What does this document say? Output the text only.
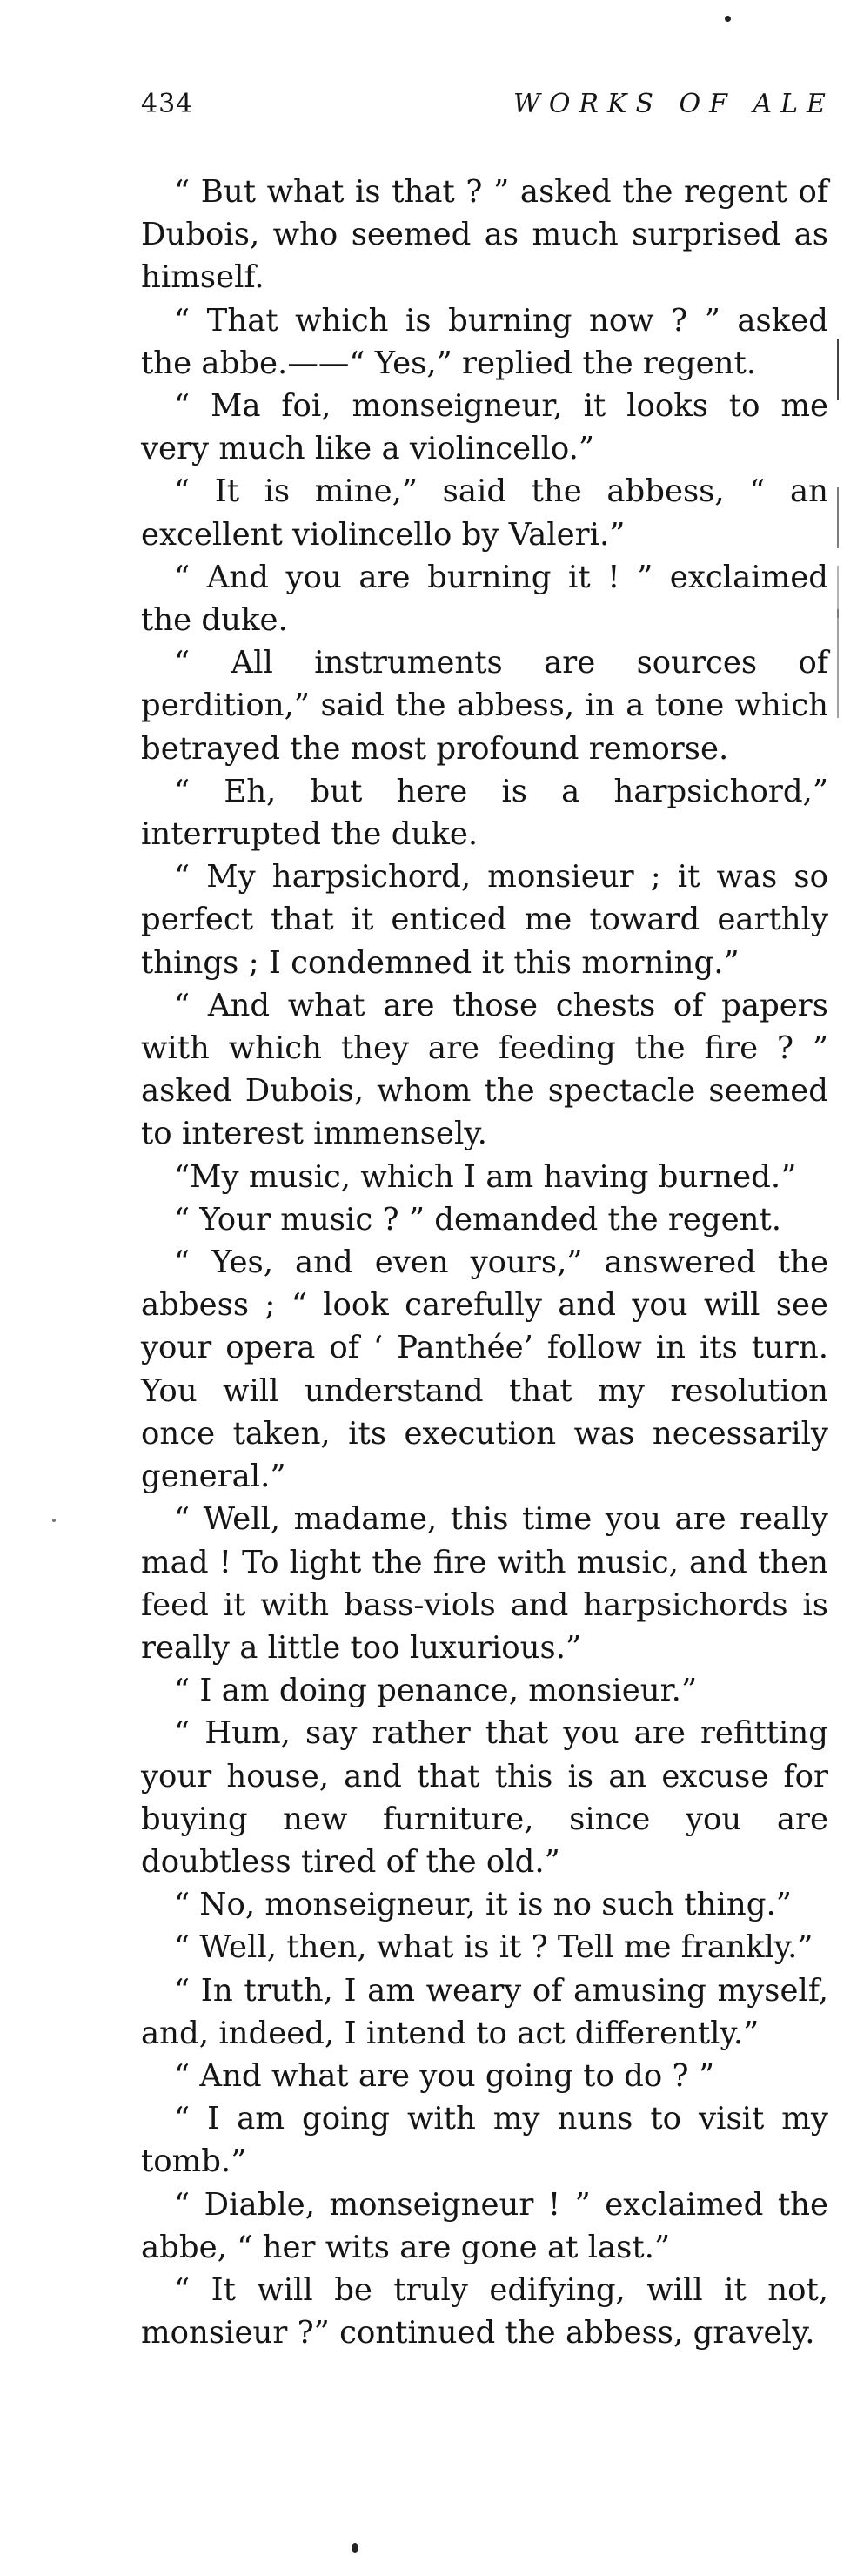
434	WORKS OF ALE

“ But what is that ? ” asked the regent of Dubois, who seemed as much surprised as himself.

“ That which is burning now ? ” asked the abbe.——“ Yes,” replied the regent.

“ Ma foi, monseigneur, it looks to me very much like a violincello.”

“ It is mine,” said the abbess, “ an excellent violincello by Valeri.”

“ And you are burning it ! ” exclaimed the duke.

“ All instruments are sources of perdition,” said the abbess, in a tone which betrayed the most profound remorse.

“ Eh, but here is a harpsichord,” interrupted the duke.

“ My harpsichord, monsieur ; it was so perfect that it enticed me toward earthly things ; I condemned it this morning.”

“ And what are those chests of papers with which they are feeding the fire ? ” asked Dubois, whom the spectacle seemed to interest immensely.

“My music, which I am having burned.”

“ Your music ? ” demanded the regent.

“ Yes, and even yours,” answered the abbess ; “ look carefully and you will see your opera of ‘ Panthée’ follow in its turn. You will understand that my resolution once taken, its execution was necessarily general.”

“ Well, madame, this time you are really mad ! To light the fire with music, and then feed it with bass-viols and harpsichords is really a little too luxurious.”

“ I am doing penance, monsieur.”

“ Hum, say rather that you are refitting your house, and that this is an excuse for buying new furniture, since you are doubtless tired of the old.”

“ No, monseigneur, it is no such thing.”

“ Well, then, what is it ? Tell me frankly.”

“ In truth, I am weary of amusing myself, and, indeed, I intend to act differently.”

“ And what are you going to do ? ”

“ I am going with my nuns to visit my tomb.”

“ Diable, monseigneur ! ” exclaimed the abbe, “ her wits are gone at last.”

“ It will be truly edifying, will it not, monsieur ?” continued the abbess, gravely.
